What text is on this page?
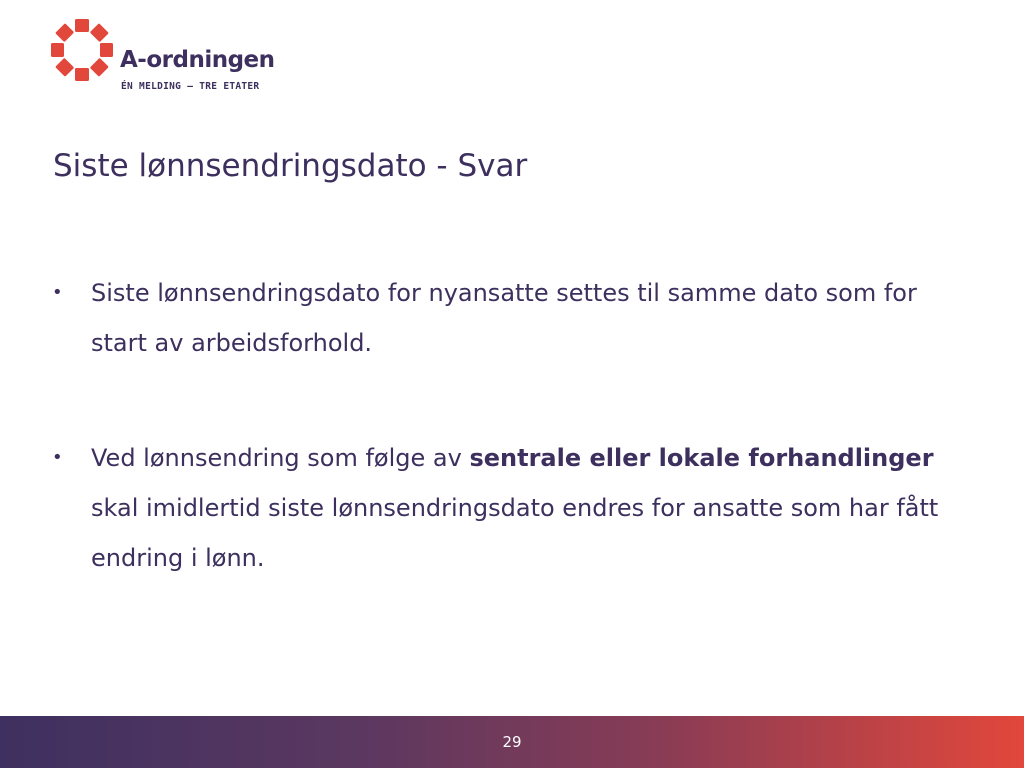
A-ordningen
ÉN MELDING – TRE ETATER
Siste lønnsendringsdato - Svar
• Siste lønnsendringsdato for nyansatte settes til samme dato som for start av arbeidsforhold.
• Ved lønnsendring som følge av sentrale eller lokale forhandlinger skal imidlertid siste lønnsendringsdato endres for ansatte som har fått endring i lønn.
29
